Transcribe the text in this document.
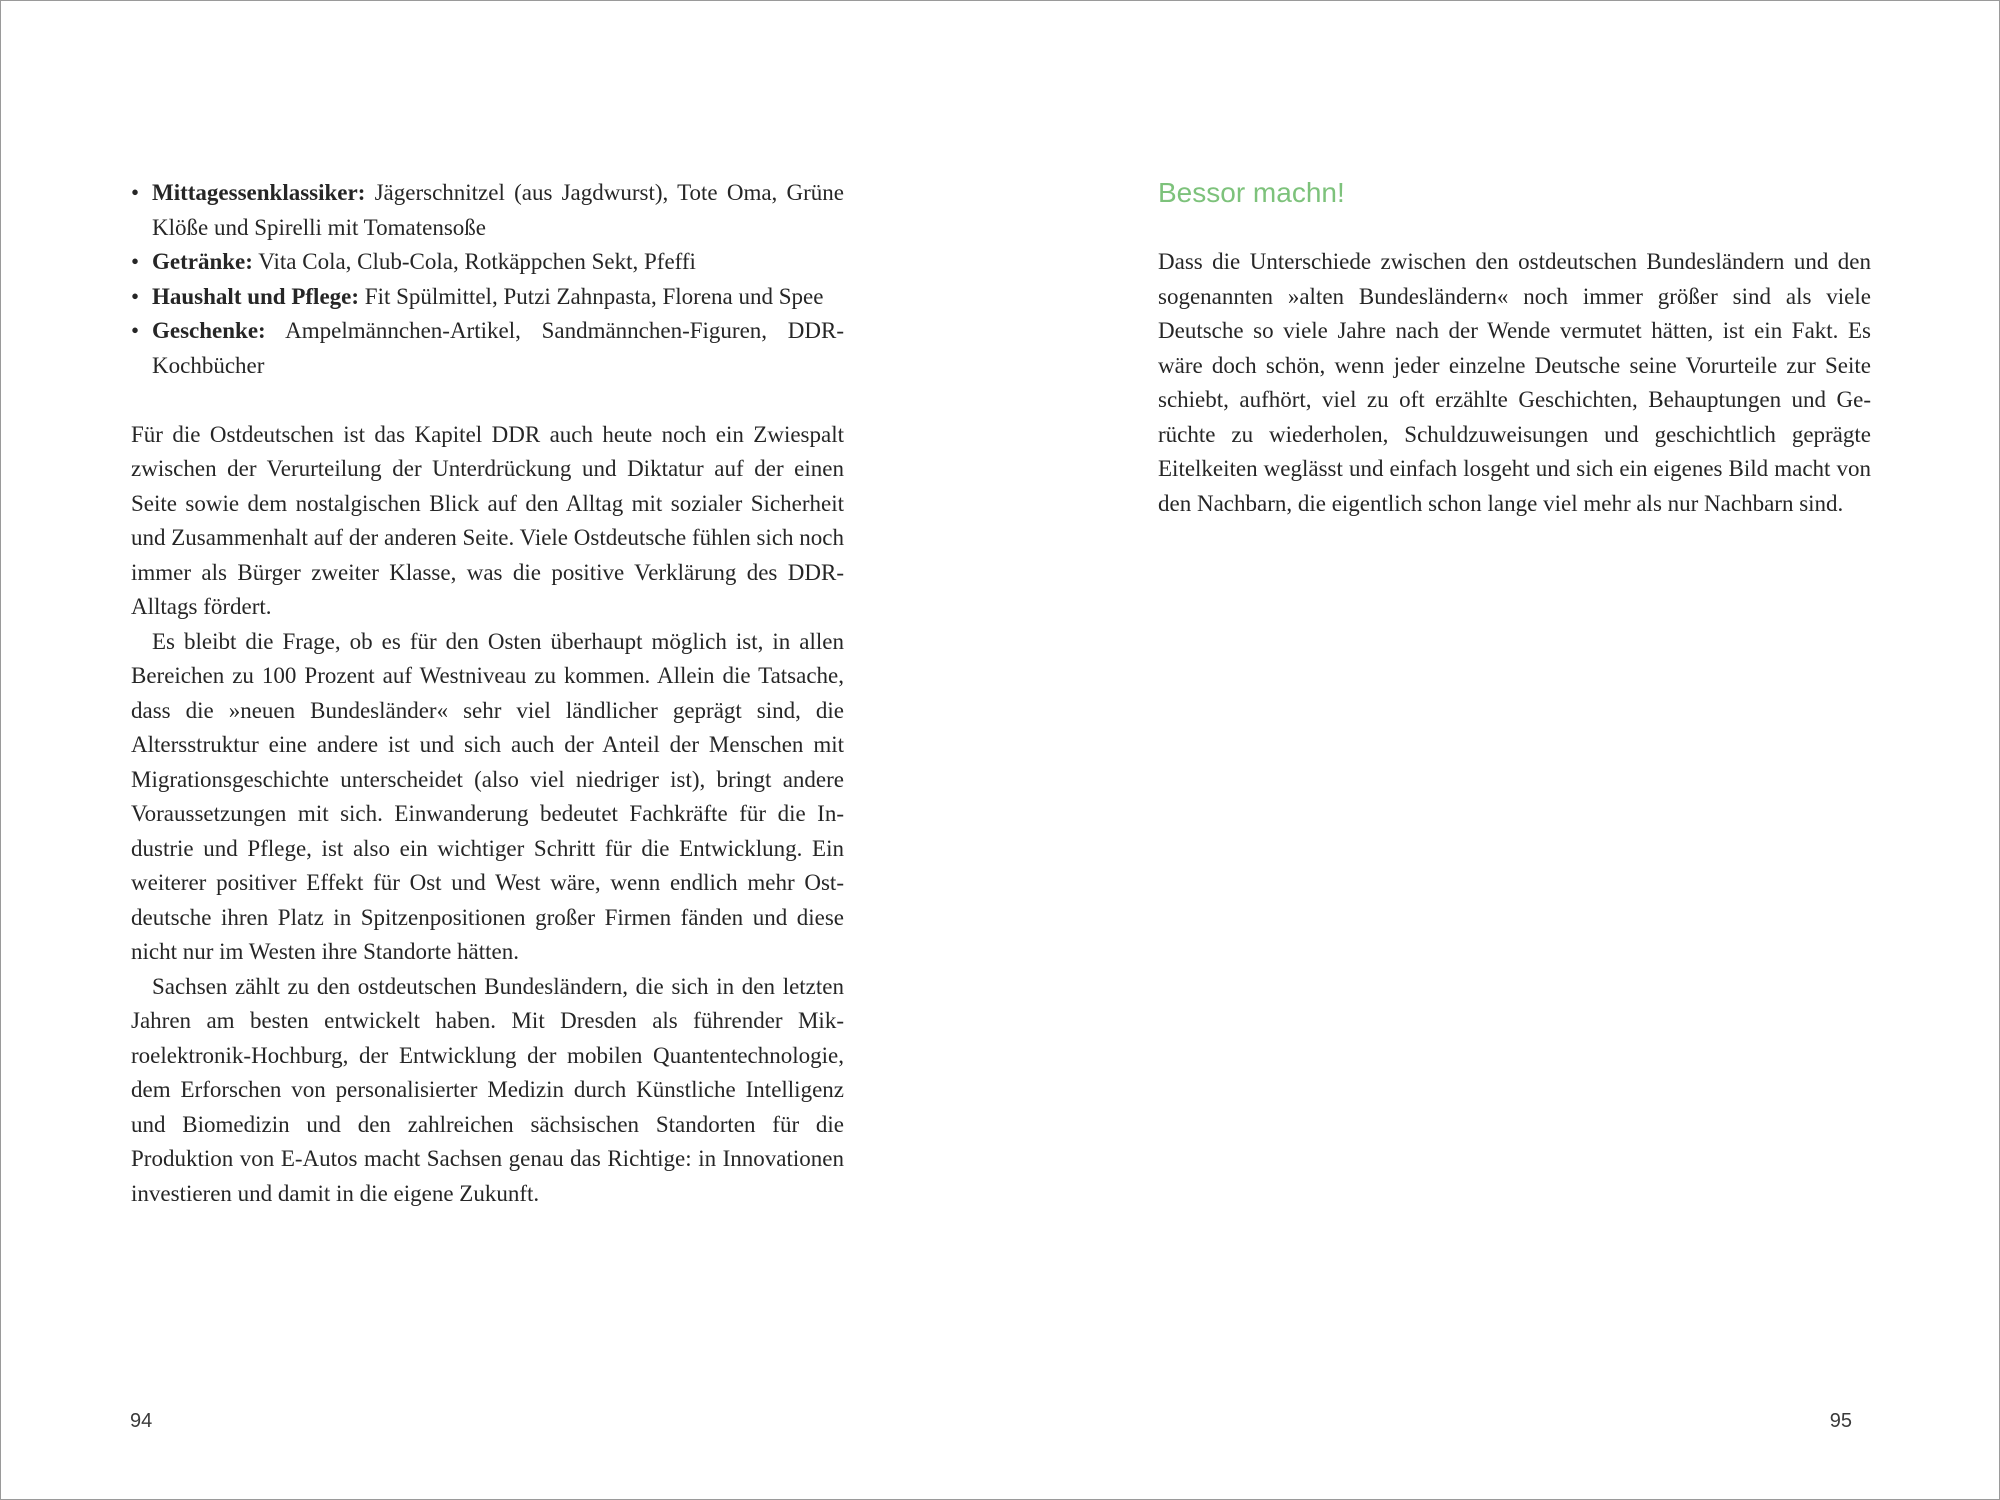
• Mittagessenklassiker: Jägerschnitzel (aus Jagdwurst), Tote Oma, Grüne Klöße und Spirelli mit Tomatensoße
• Getränke: Vita Cola, Club-Cola, Rotkäppchen Sekt, Pfeffi
• Haushalt und Pflege: Fit Spülmittel, Putzi Zahnpasta, Florena und Spee
• Geschenke: Ampelmännchen-Artikel, Sandmännchen-Figuren, DDR-Kochbücher

Für die Ostdeutschen ist das Kapitel DDR auch heute noch ein Zwiespalt zwischen der Verurteilung der Unterdrückung und Diktatur auf der einen Seite sowie dem nostalgischen Blick auf den Alltag mit sozialer Sicherheit und Zusammenhalt auf der anderen Seite. Viele Ostdeutsche fühlen sich noch immer als Bürger zweiter Klasse, was die positive Verklärung des DDR-Alltags fördert.

Es bleibt die Frage, ob es für den Osten überhaupt möglich ist, in allen Bereichen zu 100 Prozent auf Westniveau zu kommen. Allein die Tatsache, dass die »neuen Bundesländer« sehr viel ländlicher geprägt sind, die Altersstruktur eine andere ist und sich auch der Anteil der Menschen mit Migrationsgeschichte unterscheidet (also viel niedriger ist), bringt andere Voraussetzungen mit sich. Einwanderung bedeutet Fachkräfte für die Industrie und Pflege, ist also ein wichtiger Schritt für die Entwicklung. Ein weiterer positiver Effekt für Ost und West wäre, wenn endlich mehr Ostdeutsche ihren Platz in Spitzenpositionen großer Firmen fänden und diese nicht nur im Westen ihre Standorte hätten.

Sachsen zählt zu den ostdeutschen Bundesländern, die sich in den letzten Jahren am besten entwickelt haben. Mit Dresden als führender Mikroelektronik-Hochburg, der Entwicklung der mobilen Quantentechnologie, dem Erforschen von personalisierter Medizin durch Künstliche Intelligenz und Biomedizin und den zahlreichen sächsischen Standorten für die Produktion von E-Autos macht Sachsen genau das Richtige: in Innovationen investieren und damit in die eigene Zukunft.

94
Bessor machn!

Dass die Unterschiede zwischen den ostdeutschen Bundesländern und den sogenannten »alten Bundesländern« noch immer größer sind als viele Deutsche so viele Jahre nach der Wende vermutet hätten, ist ein Fakt. Es wäre doch schön, wenn jeder einzelne Deutsche seine Vorurteile zur Seite schiebt, aufhört, viel zu oft erzählte Geschichten, Behauptungen und Gerüchte zu wiederholen, Schuldzuweisungen und geschichtlich geprägte Eitelkeiten weglässt und einfach losgeht und sich ein eigenes Bild macht von den Nachbarn, die eigentlich schon lange viel mehr als nur Nachbarn sind.

95
